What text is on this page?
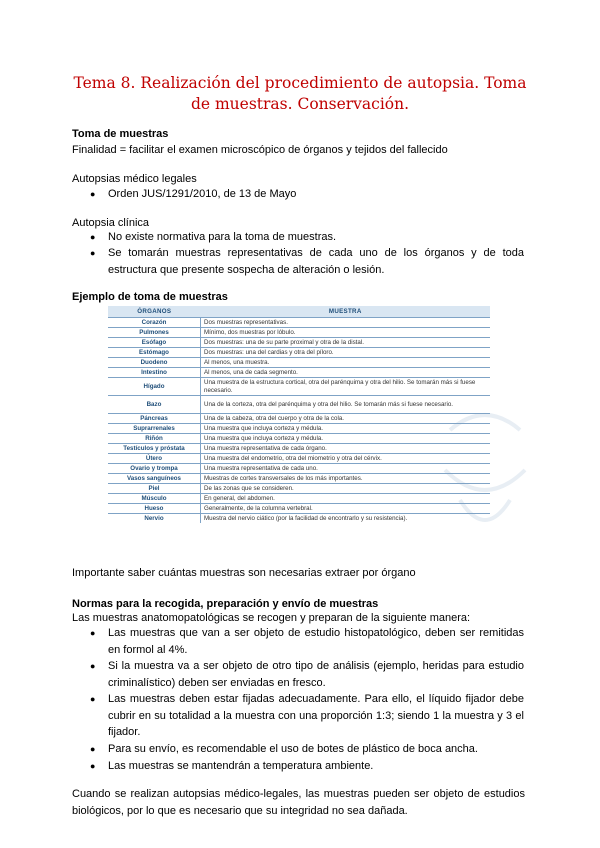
Tema 8. Realización del procedimiento de autopsia. Toma de muestras. Conservación.
Toma de muestras
Finalidad = facilitar el examen microscópico de órganos y tejidos del fallecido
Autopsias médico legales
● Orden JUS/1291/2010, de 13 de Mayo
Autopsia clínica
● No existe normativa para la toma de muestras.
● Se tomarán muestras representativas de cada uno de los órganos y de toda estructura que presente sospecha de alteración o lesión.
Ejemplo de toma de muestras
ÓRGANOS	MUESTRA
Corazón	Dos muestras representativas.
Pulmones	Mínimo, dos muestras por lóbulo.
Esófago	Dos muestras: una de su parte proximal y otra de la distal.
Estómago	Dos muestras: una del cardias y otra del píloro.
Duodeno	Al menos, una muestra.
Intestino	Al menos, una de cada segmento.
Hígado	Una muestra de la estructura cortical, otra del parénquima y otra del hilio. Se tomarán más si fuese necesario.
Bazo	Una de la corteza, otra del parénquima y otra del hilio. Se tomarán más si fuese necesario.
Páncreas	Una de la cabeza, otra del cuerpo y otra de la cola.
Suprarrenales	Una muestra que incluya corteza y médula.
Riñón	Una muestra que incluya corteza y médula.
Testículos y próstata	Una muestra representativa de cada órgano.
Útero	Una muestra del endometrio, otra del miometrio y otra del cérvix.
Ovario y trompa	Una muestra representativa de cada uno.
Vasos sanguíneos	Muestras de cortes transversales de los más importantes.
Piel	De las zonas que se consideren.
Músculo	En general, del abdomen.
Hueso	Generalmente, de la columna vertebral.
Nervio	Muestra del nervio ciático (por la facilidad de encontrarlo y su resistencia).
Importante saber cuántas muestras son necesarias extraer por órgano
Normas para la recogida, preparación y envío de muestras
Las muestras anatomopatológicas se recogen y preparan de la siguiente manera:
● Las muestras que van a ser objeto de estudio histopatológico, deben ser remitidas en formol al 4%.
● Si la muestra va a ser objeto de otro tipo de análisis (ejemplo, heridas para estudio criminalístico) deben ser enviadas en fresco.
● Las muestras deben estar fijadas adecuadamente. Para ello, el líquido fijador debe cubrir en su totalidad a la muestra con una proporción 1:3; siendo 1 la muestra y 3 el fijador.
● Para su envío, es recomendable el uso de botes de plástico de boca ancha.
● Las muestras se mantendrán a temperatura ambiente.
Cuando se realizan autopsias médico-legales, las muestras pueden ser objeto de estudios biológicos, por lo que es necesario que su integridad no sea dañada.
